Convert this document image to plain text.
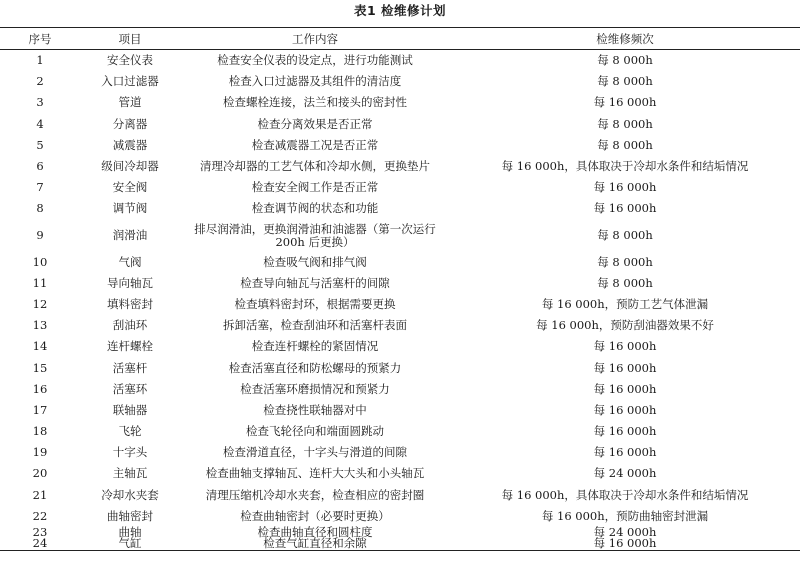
表1 检维修计划
序号	项目	工作内容	检维修频次
1	安全仪表	检查安全仪表的设定点，进行功能测试	每 8 000h
2	入口过滤器	检查入口过滤器及其组件的清洁度	每 8 000h
3	管道	检查螺栓连接，法兰和接头的密封性	每 16 000h
4	分离器	检查分离效果是否正常	每 8 000h
5	减震器	检查减震器工况是否正常	每 8 000h
6	级间冷却器	清理冷却器的工艺气体和冷却水侧，更换垫片	每 16 000h，具体取决于冷却水条件和结垢情况
7	安全阀	检查安全阀工作是否正常	每 16 000h
8	调节阀	检查调节阀的状态和功能	每 16 000h
9	润滑油	排尽润滑油，更换润滑油和油滤器（第一次运行200h 后更换）	每 8 000h
10	气阀	检查吸气阀和排气阀	每 8 000h
11	导向轴瓦	检查导向轴瓦与活塞杆的间隙	每 8 000h
12	填料密封	检查填料密封环，根据需要更换	每 16 000h，预防工艺气体泄漏
13	刮油环	拆卸活塞，检查刮油环和活塞杆表面	每 16 000h，预防刮油器效果不好
14	连杆螺栓	检查连杆螺栓的紧固情况	每 16 000h
15	活塞杆	检查活塞直径和防松螺母的预紧力	每 16 000h
16	活塞环	检查活塞环磨损情况和预紧力	每 16 000h
17	联轴器	检查挠性联轴器对中	每 16 000h
18	飞轮	检查飞轮径向和端面圆跳动	每 16 000h
19	十字头	检查滑道直径，十字头与滑道的间隙	每 16 000h
20	主轴瓦	检查曲轴支撑轴瓦、连杆大大头和小头轴瓦	每 24 000h
21	冷却水夹套	清理压缩机冷却水夹套，检查相应的密封圈	每 16 000h，具体取决于冷却水条件和结垢情况
22	曲轴密封	检查曲轴密封（必要时更换）	每 16 000h，预防曲轴密封泄漏
23	曲轴	检查曲轴直径和圆柱度	每 24 000h
24	气缸	检查气缸直径和余隙	每 16 000h
